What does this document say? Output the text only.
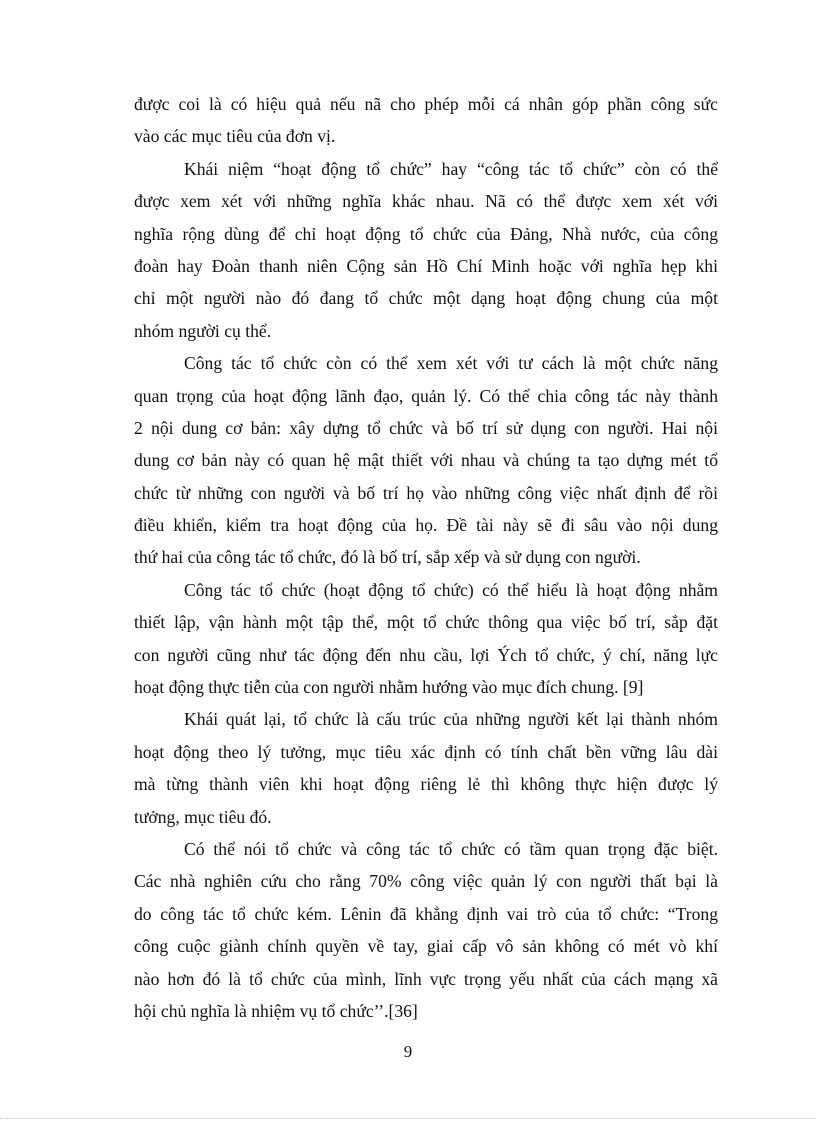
được coi là có hiệu quả nếu nã cho phép mỗi cá nhân góp phần công sức
vào các mục tiêu của đơn vị.
Khái niệm “hoạt động tổ chức” hay “công tác tổ chức” còn có thể
được xem xét với những nghĩa khác nhau. Nã có thể được xem xét với
nghĩa rộng dùng để chỉ hoạt động tổ chức của Đảng, Nhà nước, của công
đoàn hay Đoàn thanh niên Cộng sản Hồ Chí Minh hoặc với nghĩa hẹp khi
chỉ một người nào đó đang tổ chức một dạng hoạt động chung của một
nhóm người cụ thể.
Công tác tổ chức còn có thể xem xét với tư cách là một chức năng
quan trọng của hoạt động lãnh đạo, quản lý. Có thể chia công tác này thành
2 nội dung cơ bản: xây dựng tổ chức và bố trí sử dụng con người. Hai nội
dung cơ bản này có quan hệ mật thiết với nhau và chúng ta tạo dựng mét tổ
chức từ những con người và bố trí họ vào những công việc nhất định để rồi
điều khiển, kiểm tra hoạt động của họ. Đề tài này sẽ đi sâu vào nội dung
thứ hai của công tác tổ chức, đó là bố trí, sắp xếp và sử dụng con người.
Công tác tổ chức (hoạt động tổ chức) có thể hiểu là hoạt động nhằm
thiết lập, vận hành một tập thể, một tổ chức thông qua việc bố trí, sắp đặt
con người cũng như tác động đến nhu cầu, lợi Ých tổ chức, ý chí, năng lực
hoạt động thực tiễn của con người nhằm hướng vào mục đích chung. [9]
Khái quát lại, tổ chức là cấu trúc của những người kết lại thành nhóm
hoạt động theo lý tưởng, mục tiêu xác định có tính chất bền vững lâu dài
mà từng thành viên khi hoạt động riêng lẻ thì không thực hiện được lý
tưởng, mục tiêu đó.
Có thể nói tổ chức và công tác tổ chức có tầm quan trọng đặc biệt.
Các nhà nghiên cứu cho rằng 70% công việc quản lý con người thất bại là
do công tác tổ chức kém. Lênin đã khẳng định vai trò của tổ chức: “Trong
công cuộc giành chính quyền về tay, giai cấp vô sản không có mét vò khí
nào hơn đó là tổ chức của mình, lĩnh vực trọng yếu nhất của cách mạng xã
hội chủ nghĩa là nhiệm vụ tổ chức’’.[36]
9
